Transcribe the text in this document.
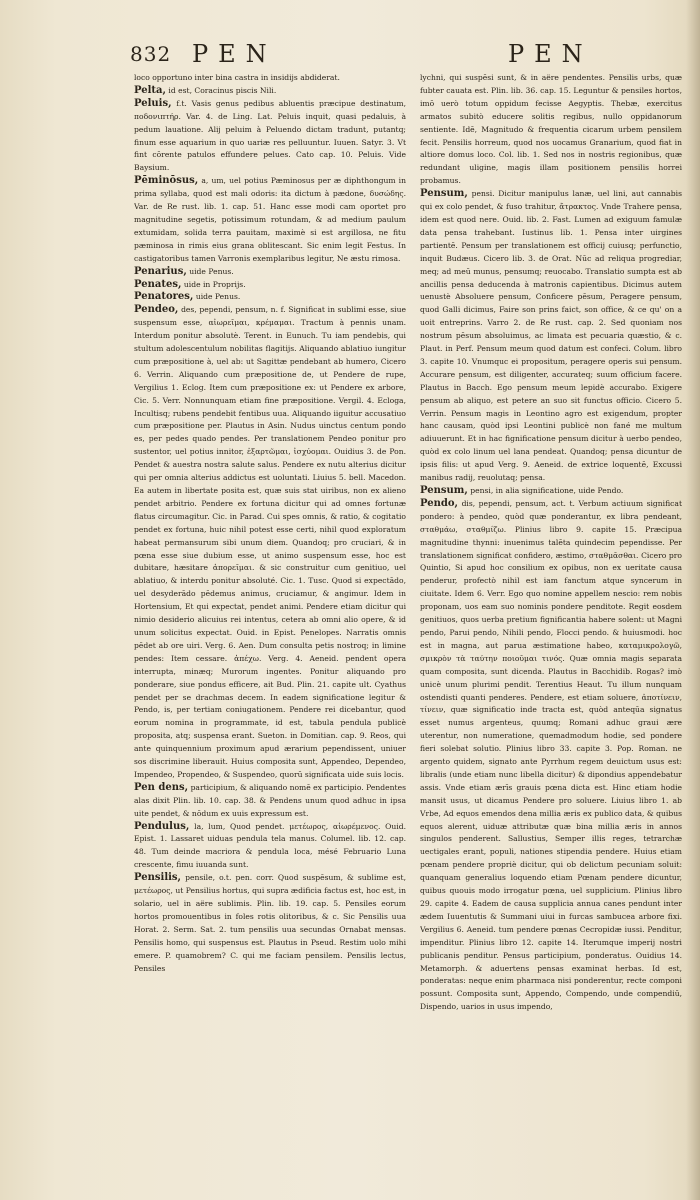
832 PEN	PEN

loco opportuno inter bina castra in insidijs abdiderat.

Pelta, id est, Coracinus piscis Nili.

Peluis, f.t. Vasis genus pedibus abluentis præcipue destinatum, ποδονιπτήρ. Var. 4. de Ling. Lat. Peluis inquit, quasi pedaluis, à pedum lauatione. Alij peluim à Peluendo dictam tradunt, putantq; finum esse aquarium in quo uariæ res pelluuntur. Iuuen. Satyr. 3. Vt fint cōrente patulos effundere pelues. Cato cap. 10. Peluis. Vide Baysium.

Pēminōsus, a, um, uel potius Pæminosus per æ diphthongum in prima syllaba, quod est mali odoris: ita dictum à pædone, δυσώδης. Var. de Re rust. lib. 1. cap. 51. Hanc esse modi cam oportet pro magnitudine segetis, potissimum rotundam, & ad medium paulum extumidam, solida terra pauitam, maximè si est argillosa, ne fitu pæminosa in rimis eius grana oblitescant. Sic enim legit Festus. In castigatoribus tamen Varronis exemplaribus legitur, Ne æstu rimosa.

Penarius, uide Penus.

Penates, uide in Proprijs.

Penatores, uide Penus.

Pendeo, des, pependi, pensum, n. f. Significat in sublimi esse, siue suspensum esse, αἰωρεῖμαι, κρέμαμαι. Tractum à pennis unam. Interdum ponitur absolutè. Terent. in Eunuch. Tu iam pendebis, qui stultum adolescentulum nobilitas flagitijs. Aliquando ablatiuo iungitur cum præpositione à, uel ab: ut Sagittæ pendebant ab humero, Cicero 6. Verrin. Aliquando cum præpositione de, ut Pendere de rupe, Vergilius 1. Eclog. Item cum præpositione ex: ut Pendere ex arbore, Cic. 5. Verr. Nonnunquam etiam fine præpositione. Vergil. 4. Ecloga, Incultisq; rubens pendebit fentibus uua. Aliquando iiguitur accusatiuo cum præpositione per. Plautus in Asin. Nudus uinctus centum pondo es, per pedes quado pendes. Per translationem Pendeo ponitur pro sustentor, uel potius innitor, ἐξαρτῶμαι, ἰσχύομαι. Ouidius 3. de Pon. Pendet & auestra nostra salute salus. Pendere ex nutu alterius dicitur qui per omnia alterius addictus est uoluntati. Liuius 5. bell. Macedon. Ea autem in libertate posita est, quæ suis stat uiribus, non ex alieno pendet arbitrio. Pendere ex fortuna dicitur qui ad omnes fortunæ flatus circumagitur. Cic. in Parad. Cui spes omnis, & ratio, & cogitatio pendet ex fortuna, huic nihil potest esse certi, nihil quod exploratum habeat permansurum sibi unum diem. Quandoq; pro cruciari, & in pœna esse siue dubium esse, ut animo suspensum esse, hoc est dubitare, hæsitare ἀπορεῖμαι. & sic construitur cum genitiuo, uel ablatiuo, & interdu ponitur absoluté. Cic. 1. Tusc. Quod si expectādo, uel desyderādo pēdemus animus, cruciamur, & angimur. Idem in Hortensium, Et qui expectat, pendet animi. Pendere etiam dicitur qui nimio desiderio alicuius rei intentus, cetera ab omni alio opere, & id unum solicitus expectat. Ouid. in Epist. Penelopes. Narratis omnis pēdet ab ore uiri. Verg. 6. Aen. Dum consulta petis nostroq; in limine pendes: Item cessare. ἀπέχω. Verg. 4. Aeneid. pendent opera interrupta, minæq; Murorum ingentes. Ponitur aliquando pro ponderare, siue pondus efficere, ait Bud. Plin. 21. capite ult. Cyathus pendet per se drachmas decem. In eadem significatione legitur & Pendo, is, per tertiam coniugationem. Pendere rei dicebantur, quod eorum nomina in programmate, id est, tabula pendula publicè proposita, atq; suspensa erant. Sueton. in Domitian. cap. 9. Reos, qui ante quinquennium proximum apud ærarium pependissent, uniuer sos discrimine liberauit. Huius composita sunt, Appendeo, Dependeo, Impendeo, Propendeo, & Suspendeo, quorū significata uide suis locis.

Pen dens, participium, & aliquando nomē ex participio. Pendentes alas dixit Plin. lib. 10. cap. 38. & Pendens unum quod adhuc in ipsa uite pendet, & nōdum ex uuis expressum est.

Pendulus, la, lum, Quod pendet. μετέωρος, αἰωρέμενος. Ouid. Epist. 1. Lassaret uiduas pendula tela manus. Columel. lib. 12. cap. 48. Tum deinde macriora & pendula loca, mésé Februario Luna crescente, fimu iuuanda sunt.

Pensilis, pensile, o.t. pen. corr. Quod suspēsum, & sublime est, μετέωρος, ut Pensilius hortus, qui supra ædificia factus est, hoc est, in solario, uel in aëre sublimis. Plin. lib. 19. cap. 5. Pensiles eorum hortos promouentibus in foles rotis olitoribus, & c. Sic Pensilis uua Horat. 2. Serm. Sat. 2. tum pensilis uua secundas Ornabat mensas. Pensilis homo, qui suspensus est. Plautus in Pseud. Restim uolo mihi emere. P. quamobrem? C. qui me faciam pensilem. Pensilis lectus, Pensiles

lychni, qui suspēsi sunt, & in aëre pendentes. Pensilis urbs, quæ fubter cauata est. Plin. lib. 36. cap. 15. Leguntur & pensiles hortos, imō uerò totum oppidum fecisse Aegyptis. Thebæ, exercitus armatos subitò educere solitis regibus, nullo oppidanorum sentiente. Idē, Magnitudo & frequentia cicarum urbem pensilem fecit. Pensilis horreum, quod nos uocamus Granarium, quod fiat in altiore domus loco. Col. lib. 1. Sed nos in nostris regionibus, quæ redundant uligine, magis illam positionem pensilis horrei probamus.

Pensum, pensi. Dicitur manipulus lanæ, uel lini, aut cannabis qui ex colo pendet, & fuso trahitur, ἄτρακτος. Vnde Trahere pensa, idem est quod nere. Ouid. lib. 2. Fast. Lumen ad exiguum famulæ data pensa trahebant. Iustinus lib. 1. Pensa inter uirgines partientē. Pensum per translationem est officij cuiusq; perfunctio, inquit Budæus. Cicero lib. 3. de Orat. Nūc ad reliqua progrediar, meq; ad meū munus, pensumq; reuocabo. Translatio sumpta est ab ancillis pensa deducenda à matronis capientibus. Dicimus autem uenustè Absoluere pensum, Conficere pēsum, Peragere pensum, quod Galli dicimus, Faire son prins faict, son office, & ce qu' on a uoit entreprins. Varro 2. de Re rust. cap. 2. Sed quoniam nos nostrum pēsum absoluimus, ac limata est pecuaria quæstio, & c. Plaut. in Perf. Pensum meum quod datum est confeci. Colum. libro 3. capite 10. Vnumquc ei propositum, peragere operis sui pensum. Accurare pensum, est diligenter, accurateq; suum officium facere. Plautus in Bacch. Ego pensum meum lepidè accurabo. Exigere pensum ab aliquo, est petere an suo sit functus officio. Cicero 5. Verrin. Pensum magis in Leontino agro est exigendum, propter hanc causam, quòd ipsi Leontini publicè non fané me multum adiuuerunt. Et in hac fignificatione pensum dicitur à uerbo pendeo, quòd ex colo linum uel lana pendeat. Quandoq; pensa dicuntur de ipsis filis: ut apud Verg. 9. Aeneid. de extrice loquentē, Excussi manibus radij, reuolutaq; pensa.

Pensum, pensi, in alia significatione, uide Pendo.

Pendo, dis, pependi, pensum, act. t. Verbum actiuum significat pondero: à pendeo, quòd quæ ponderantur, ex libra pendeant, σταθμάω, σταθμίζω. Plinius libro 9. capite 15. Præcipua magnitudine thynni: inuenimus talēta quindecim pependisse. Per translationem significat confidero, æstimo, σταθμᾶσθαι. Cicero pro Quintio, Si apud hoc consilium ex opibus, non ex ueritate causa penderur, profectò nihil est iam fanctum atque syncerum in ciuitate. Idem 6. Verr. Ego quo nomine appellem nescio: rem nobis proponam, uos eam suo nominis pondere penditote. Regit eosdem genitiuos, quos uerba pretium fignificantia habere solent: ut Magni pendo, Parui pendo, Nihili pendo, Flocci pendo. & huiusmodi. hoc est in magna, aut parua æstimatione habeo, καταμικρολογῶ, σμικρὸν τὰ ταύτην ποιοῦμαι τινός. Quæ omnia magis separata quam composita, sunt dicenda. Plautus in Bacchidib. Rogas? imò unicè unum plurimi pendit. Terentius Heaut. Tu illum nunquam ostendisti quanti penderes. Pendere, est etiam soluere, ἀποτίνειν, τίνειν, quæ significatio inde tracta est, quòd anteqūa signatus esset numus argenteus, quumq; Romani adhuc graui ære uterentur, non numeratione, quemadmodum hodie, sed pondere fieri solebat solutio. Plinius libro 33. capite 3. Pop. Roman. ne argento quidem, signato ante Pyrrhum regem deuictum usus est: libralis (unde etiam nunc libella dicitur) & dipondius appendebatur assis. Vnde etiam ærīs grauis pœna dicta est. Hinc etiam hodie mansit usus, ut dicamus Pendere pro soluere. Liuius libro 1. ab Vrbe, Ad equos emendos dena millia æris ex publico data, & quibus equos alerent, uiduæ attributæ quæ bina millia æris in annos singulos penderent. Sallustius, Semper illis reges, tetrarchæ uectigales erant, populi, nationes stipendia pendere. Huius etiam pœnam pendere propriè dicitur, qui ob delictum pecuniam soluit: quanquam generalius loquendo etiam Pœnam pendere dicuntur, quibus quouis modo irrogatur pœna, uel supplicium. Plinius libro 29. capite 4. Eadem de causa supplicia annua canes pendunt inter ædem Iuuentutis & Summani uiui in furcas sambucea arbore fixi. Vergilius 6. Aeneid. tum pendere pœnas Cecropidæ iussi. Penditur, impenditur. Plinius libro 12. capite 14. Iterumque imperij nostri publicanis penditur. Pensus participium, ponderatus. Ouidius 14. Metamorph. & aduertens pensas examinat herbas. Id est, ponderatas: neque enim pharmaca nisi ponderentur, recte componi possunt. Composita sunt, Appendo, Compendo, unde compendiū, Dispendo, uarios in usus impendo,
